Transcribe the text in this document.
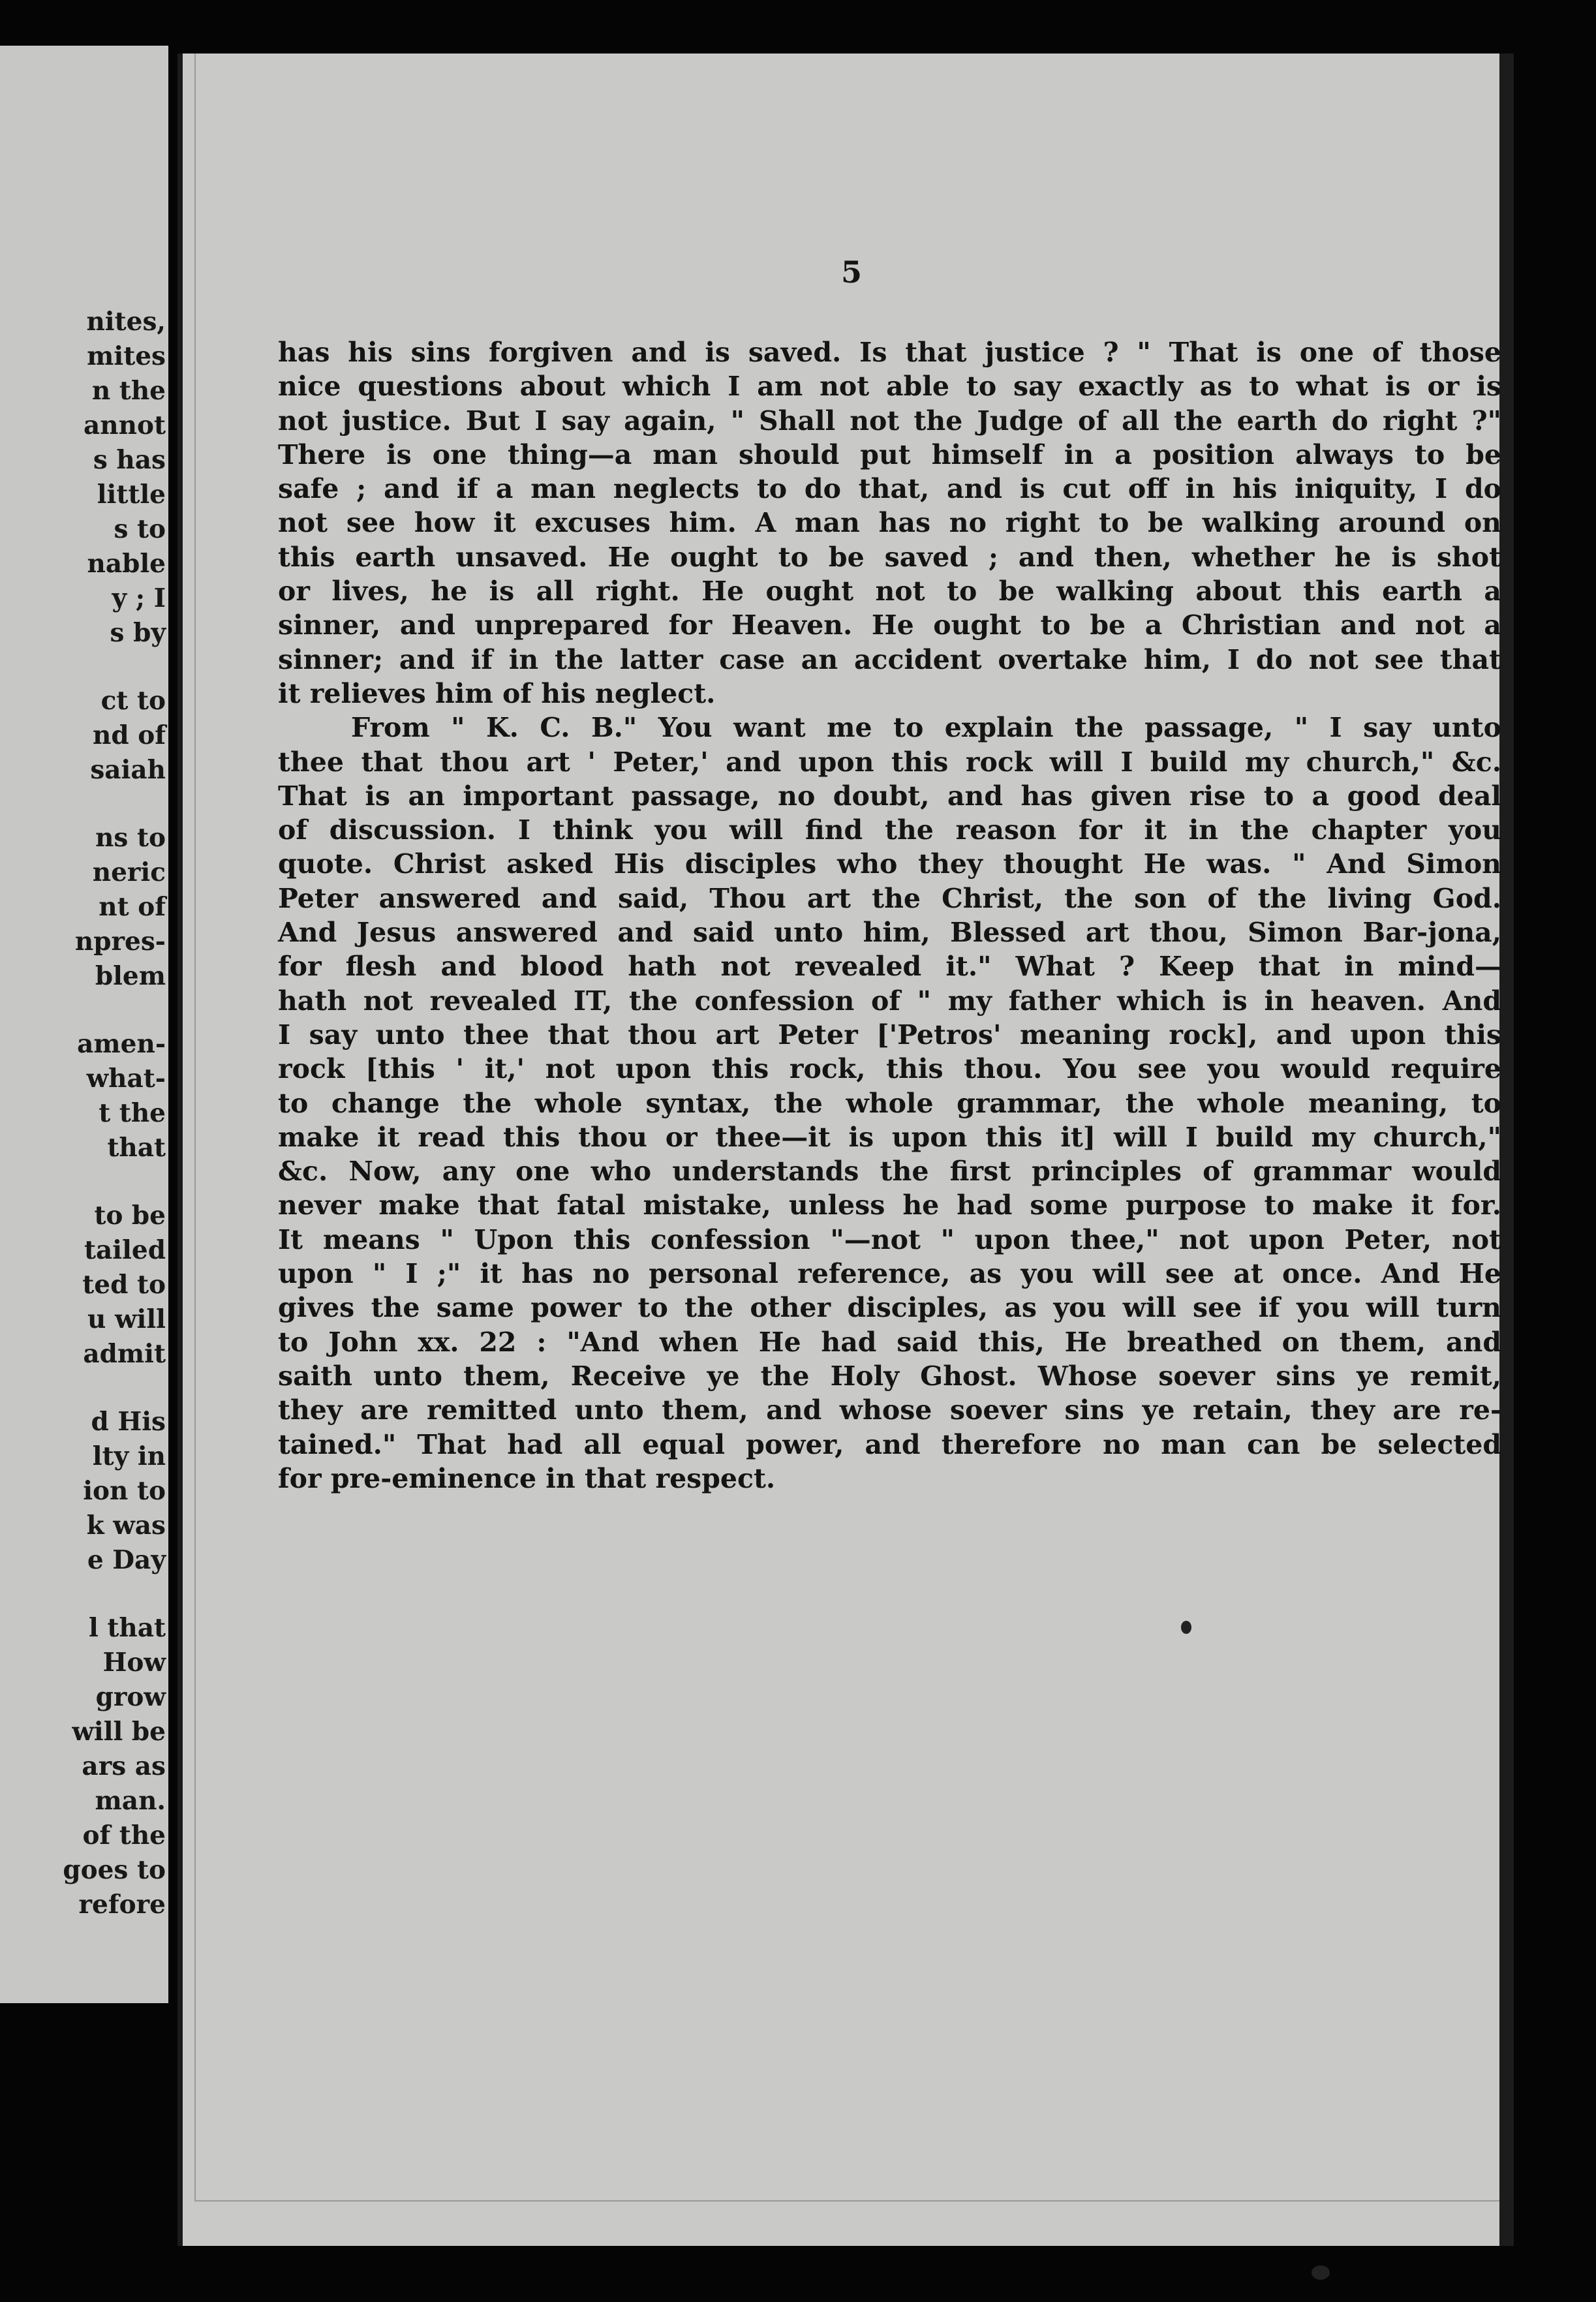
nites,
mites
n the
annot
s has
little
s to
nable
y ; I
s by
ct to
nd of
saiah
ns to
neric
nt of
npres-
blem
amen-
what-
t the
that
to be
tailed
ted to
u will
admit
d His
lty in
ion to
k was
e Day
l that
How
grow
will be
ars as
man.
of the
goes to
refore
5
has his sins forgiven and is saved. Is that justice ? " That is one of those
nice questions about which I am not able to say exactly as to what is or is
not justice. But I say again, " Shall not the Judge of all the earth do right ?"
There is one thing—a man should put himself in a position always to be
safe ; and if a man neglects to do that, and is cut off in his iniquity, I do
not see how it excuses him. A man has no right to be walking around on
this earth unsaved. He ought to be saved ; and then, whether he is shot
or lives, he is all right. He ought not to be walking about this earth a
sinner, and unprepared for Heaven. He ought to be a Christian and not a
sinner; and if in the latter case an accident overtake him, I do not see that
it relieves him of his neglect.
From " K. C. B." You want me to explain the passage, " I say unto
thee that thou art ' Peter,' and upon this rock will I build my church," &c.
That is an important passage, no doubt, and has given rise to a good deal
of discussion. I think you will find the reason for it in the chapter you
quote. Christ asked His disciples who they thought He was. " And Simon
Peter answered and said, Thou art the Christ, the son of the living God.
And Jesus answered and said unto him, Blessed art thou, Simon Bar-jona,
for flesh and blood hath not revealed it." What ? Keep that in mind—
hath not revealed IT, the confession of " my father which is in heaven. And
I say unto thee that thou art Peter ['Petros' meaning rock], and upon this
rock [this ' it,' not upon this rock, this thou. You see you would require
to change the whole syntax, the whole grammar, the whole meaning, to
make it read this thou or thee—it is upon this it] will I build my church,"
&c. Now, any one who understands the first principles of grammar would
never make that fatal mistake, unless he had some purpose to make it for.
It means " Upon this confession "—not " upon thee," not upon Peter, not
upon " I ;" it has no personal reference, as you will see at once. And He
gives the same power to the other disciples, as you will see if you will turn
to John xx. 22 : "And when He had said this, He breathed on them, and
saith unto them, Receive ye the Holy Ghost. Whose soever sins ye remit,
they are remitted unto them, and whose soever sins ye retain, they are re-
tained." That had all equal power, and therefore no man can be selected
for pre-eminence in that respect.
